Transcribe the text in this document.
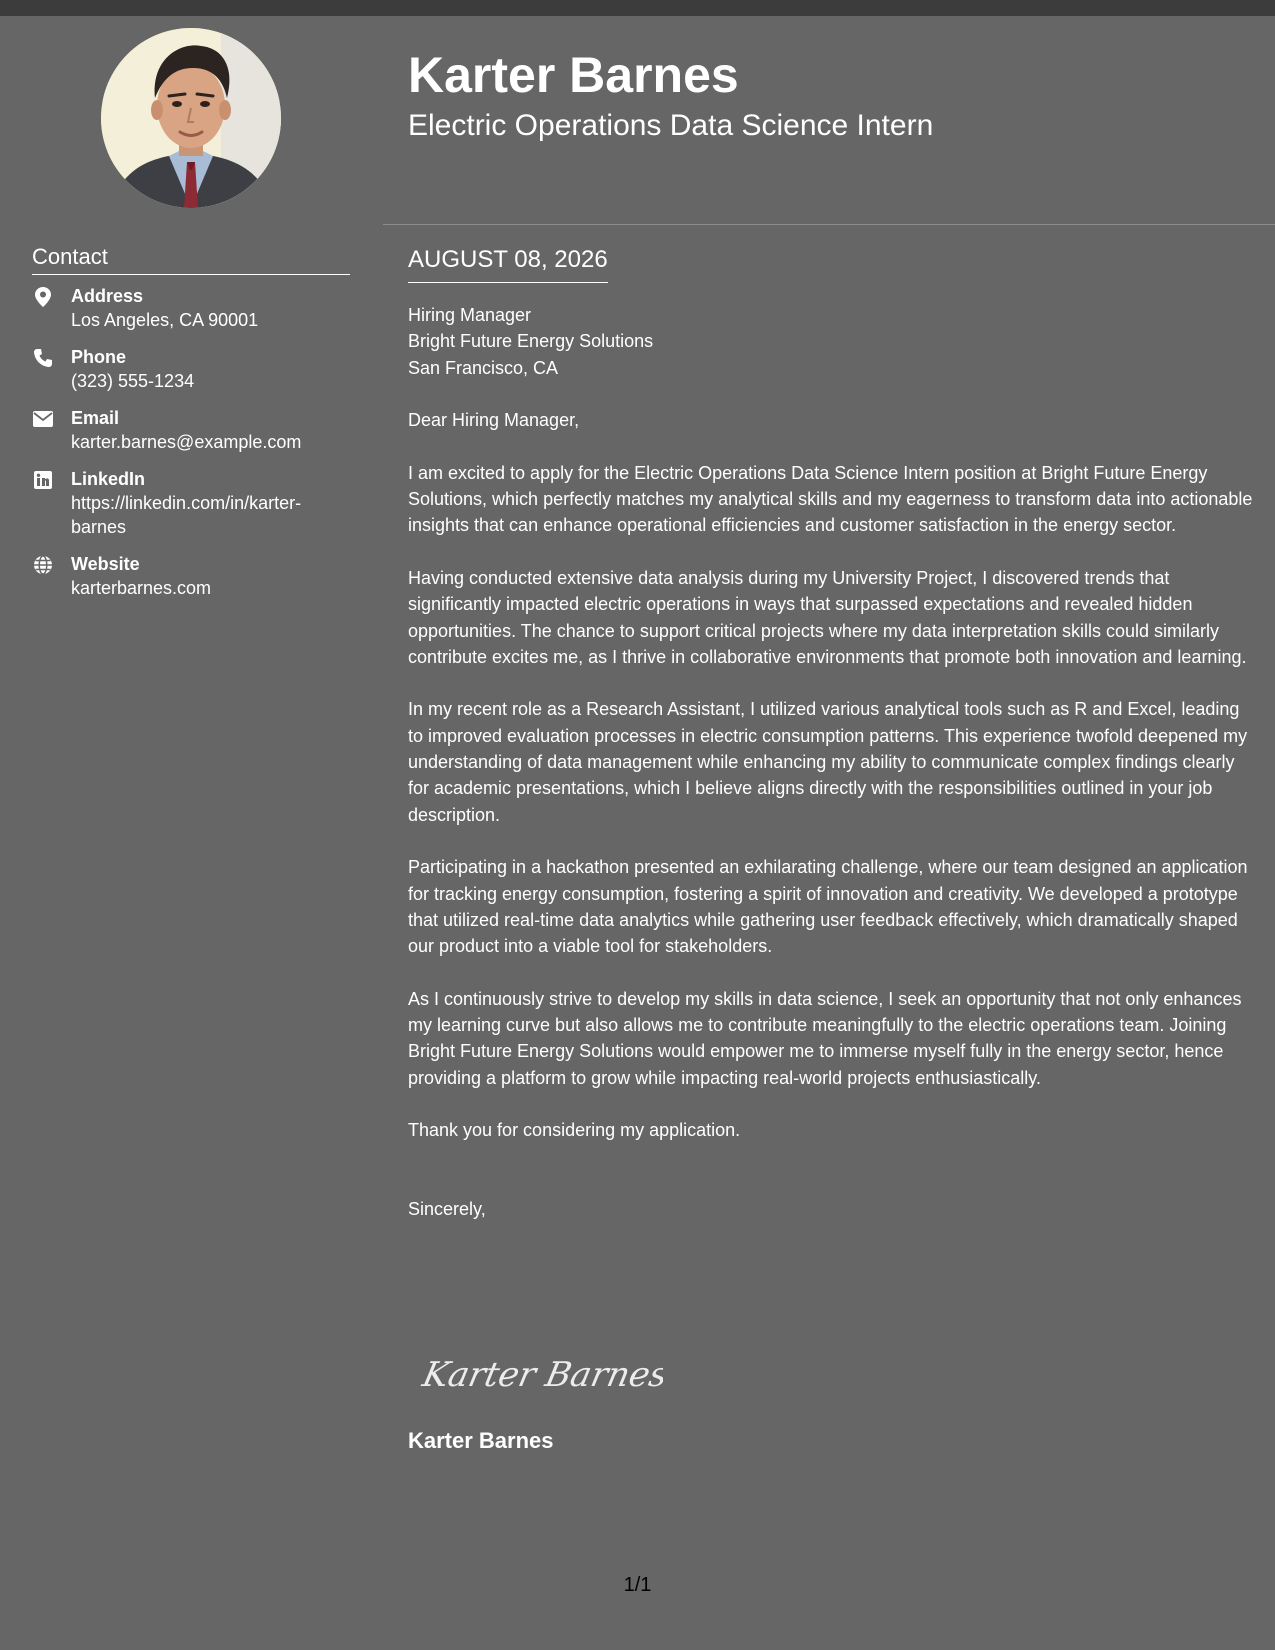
Karter Barnes
Electric Operations Data Science Intern
Contact
Address
Los Angeles, CA 90001
Phone
(323) 555-1234
Email
karter.barnes@example.com
LinkedIn
https://linkedin.com/in/karter-barnes
Website
karterbarnes.com
AUGUST 08, 2026

Hiring Manager

Bright Future Energy Solutions

San Francisco, CA

Dear Hiring Manager,

I am excited to apply for the Electric Operations Data Science Intern position at Bright Future Energy Solutions, which perfectly matches my analytical skills and my eagerness to transform data into actionable insights that can enhance operational efficiencies and customer satisfaction in the energy sector.

Having conducted extensive data analysis during my University Project, I discovered trends that significantly impacted electric operations in ways that surpassed expectations and revealed hidden opportunities. The chance to support critical projects where my data interpretation skills could similarly contribute excites me, as I thrive in collaborative environments that promote both innovation and learning.

In my recent role as a Research Assistant, I utilized various analytical tools such as R and Excel, leading to improved evaluation processes in electric consumption patterns. This experience twofold deepened my understanding of data management while enhancing my ability to communicate complex findings clearly for academic presentations, which I believe aligns directly with the responsibilities outlined in your job description.

Participating in a hackathon presented an exhilarating challenge, where our team designed an application for tracking energy consumption, fostering a spirit of innovation and creativity. We developed a prototype that utilized real-time data analytics while gathering user feedback effectively, which dramatically shaped our product into a viable tool for stakeholders.

As I continuously strive to develop my skills in data science, I seek an opportunity that not only enhances my learning curve but also allows me to contribute meaningfully to the electric operations team. Joining Bright Future Energy Solutions would empower me to immerse myself fully in the energy sector, hence providing a platform to grow while impacting real-world projects enthusiastically.

Thank you for considering my application.

Sincerely,

Karter Barnes
Karter Barnes
1/1
